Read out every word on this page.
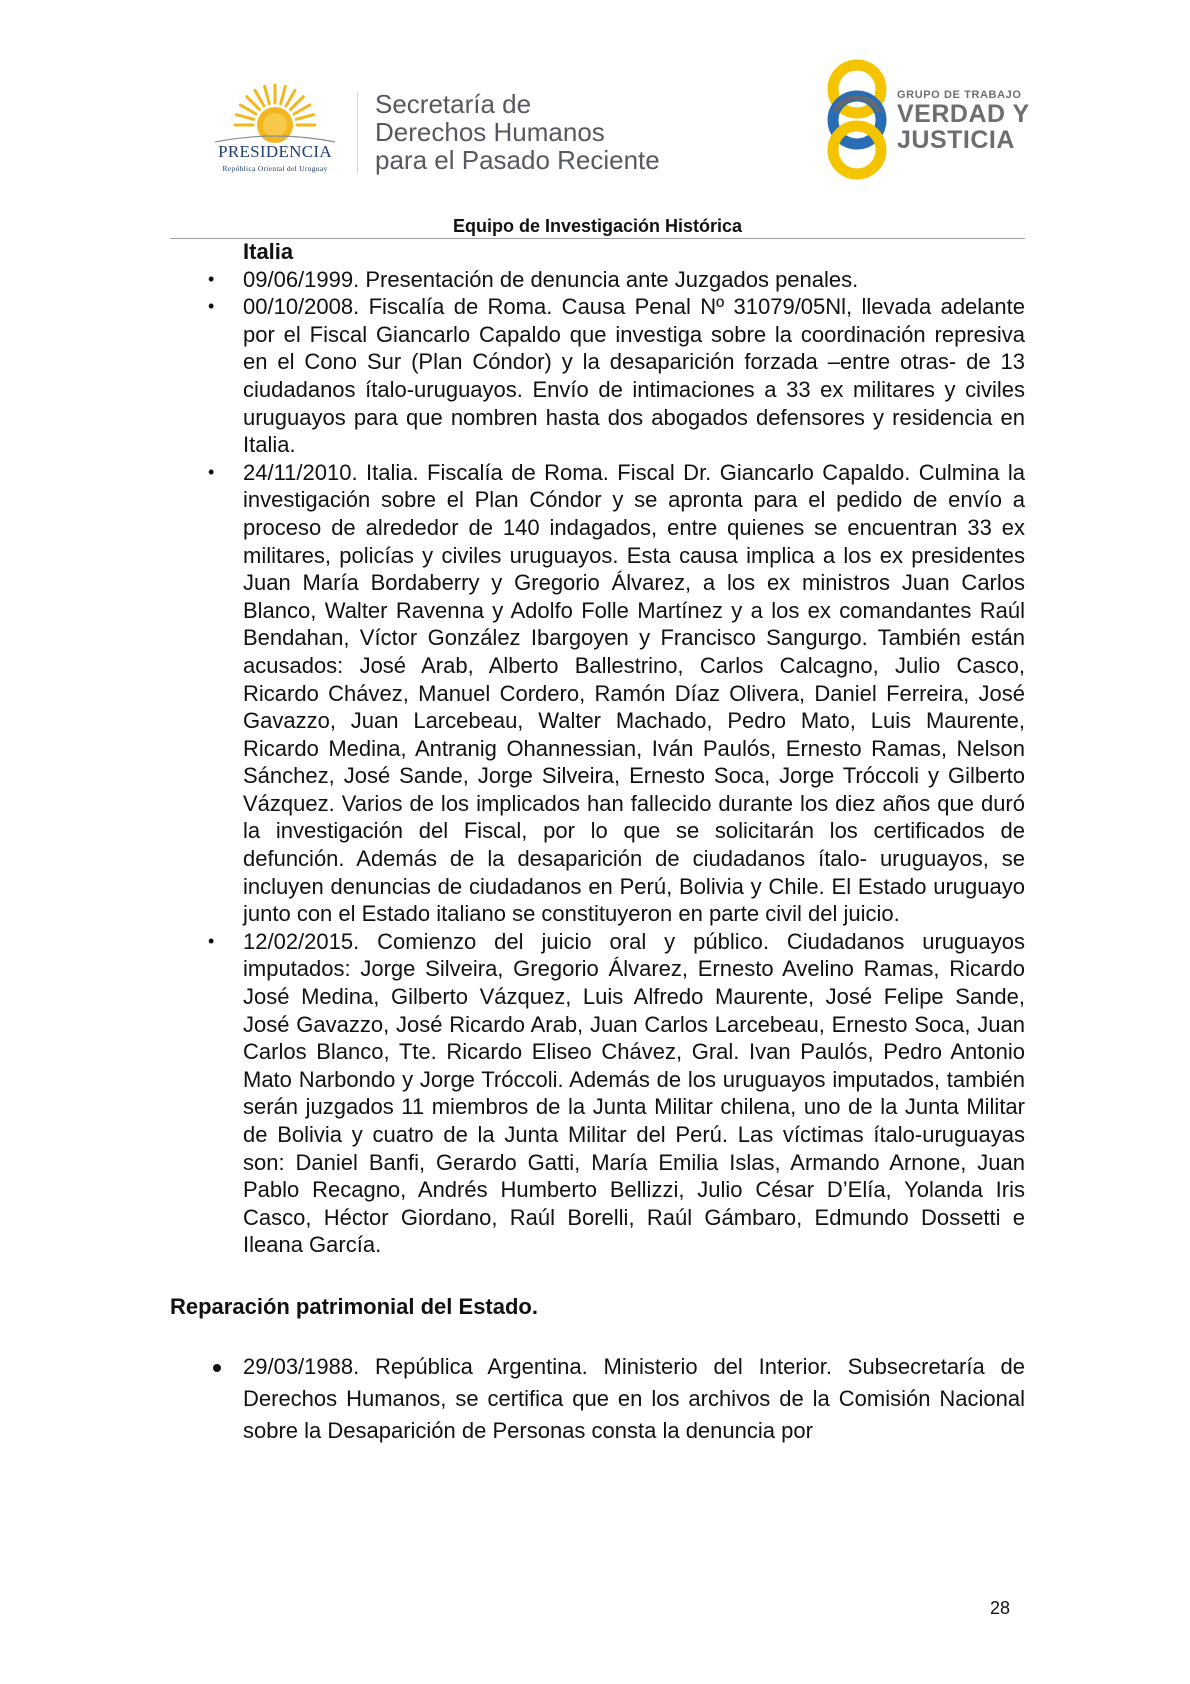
PRESIDENCIA
República Oriental del Uruguay
Secretaría de
Derechos Humanos
para el Pasado Reciente
GRUPO DE TRABAJO
VERDAD Y
JUSTICIA
Equipo de Investigación Histórica
Italia
• 09/06/1999. Presentación de denuncia ante Juzgados penales.
• 00/10/2008. Fiscalía de Roma. Causa Penal Nº 31079/05Nl, llevada adelante por el Fiscal Giancarlo Capaldo que investiga sobre la coordinación represiva en el Cono Sur (Plan Cóndor) y la desaparición forzada –entre otras- de 13 ciudadanos ítalo-uruguayos. Envío de intimaciones a 33 ex militares y civiles uruguayos para que nombren hasta dos abogados defensores y residencia en Italia.
• 24/11/2010. Italia. Fiscalía de Roma. Fiscal Dr. Giancarlo Capaldo. Culmina la investigación sobre el Plan Cóndor y se apronta para el pedido de envío a proceso de alrededor de 140 indagados, entre quienes se encuentran 33 ex militares, policías y civiles uruguayos. Esta causa implica a los ex presidentes Juan María Bordaberry y Gregorio Álvarez, a los ex ministros Juan Carlos Blanco, Walter Ravenna y Adolfo Folle Martínez y a los ex comandantes Raúl Bendahan, Víctor González Ibargoyen y Francisco Sangurgo. También están acusados: José Arab, Alberto Ballestrino, Carlos Calcagno, Julio Casco, Ricardo Chávez, Manuel Cordero, Ramón Díaz Olivera, Daniel Ferreira, José Gavazzo, Juan Larcebeau, Walter Machado, Pedro Mato, Luis Maurente, Ricardo Medina, Antranig Ohannessian, Iván Paulós, Ernesto Ramas, Nelson Sánchez, José Sande, Jorge Silveira, Ernesto Soca, Jorge Tróccoli y Gilberto Vázquez. Varios de los implicados han fallecido durante los diez años que duró la investigación del Fiscal, por lo que se solicitarán los certificados de defunción. Además de la desaparición de ciudadanos ítalo- uruguayos, se incluyen denuncias de ciudadanos en Perú, Bolivia y Chile. El Estado uruguayo junto con el Estado italiano se constituyeron en parte civil del juicio.
• 12/02/2015. Comienzo del juicio oral y público. Ciudadanos uruguayos imputados: Jorge Silveira, Gregorio Álvarez, Ernesto Avelino Ramas, Ricardo José Medina, Gilberto Vázquez, Luis Alfredo Maurente, José Felipe Sande, José Gavazzo, José Ricardo Arab, Juan Carlos Larcebeau, Ernesto Soca, Juan Carlos Blanco, Tte. Ricardo Eliseo Chávez, Gral. Ivan Paulós, Pedro Antonio Mato Narbondo y Jorge Tróccoli. Además de los uruguayos imputados, también serán juzgados 11 miembros de la Junta Militar chilena, uno de la Junta Militar de Bolivia y cuatro de la Junta Militar del Perú. Las víctimas ítalo-uruguayas son: Daniel Banfi, Gerardo Gatti, María Emilia Islas, Armando Arnone, Juan Pablo Recagno, Andrés Humberto Bellizzi, Julio César D’Elía, Yolanda Iris Casco, Héctor Giordano, Raúl Borelli, Raúl Gámbaro, Edmundo Dossetti e Ileana García.
Reparación patrimonial del Estado.
29/03/1988. República Argentina. Ministerio del Interior. Subsecretaría de Derechos Humanos, se certifica que en los archivos de la Comisión Nacional sobre la Desaparición de Personas consta la denuncia por
28
